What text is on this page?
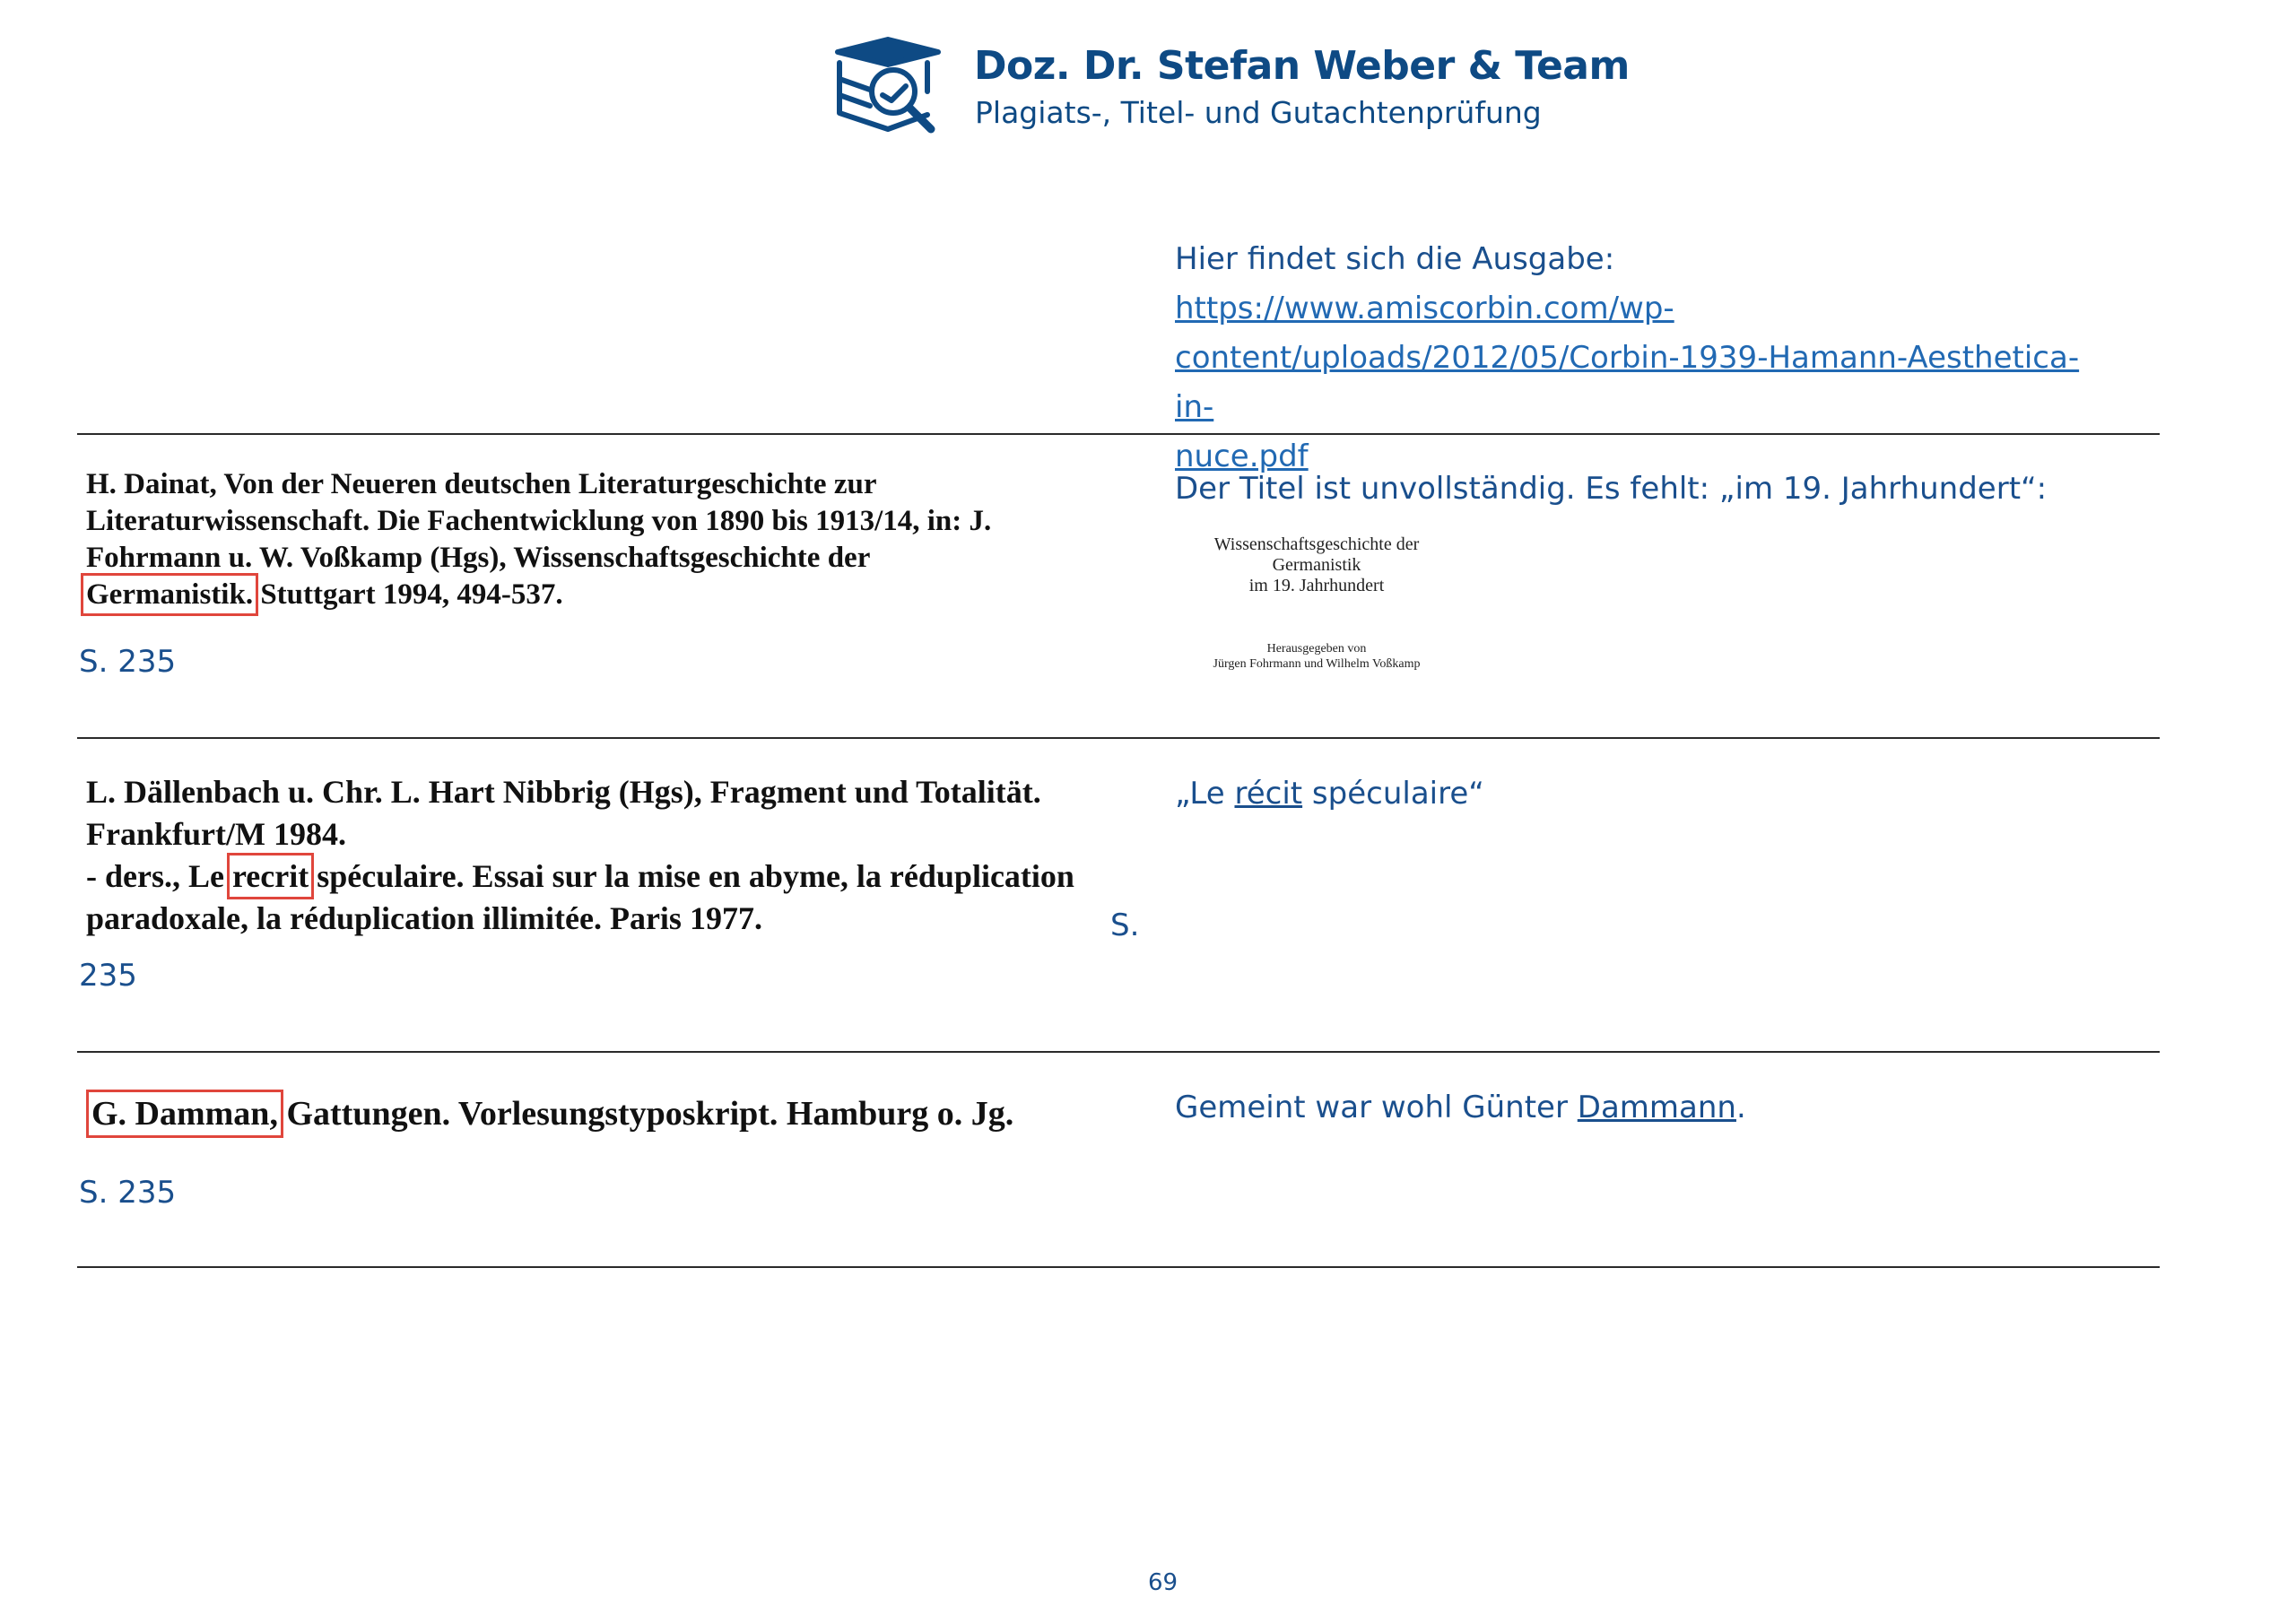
Doz. Dr. Stefan Weber & Team
Plagiats-, Titel- und Gutachtenprüfung
Hier findet sich die Ausgabe: https://www.amiscorbin.com/wp-
content/uploads/2012/05/Corbin-1939-Hamann-Aesthetica-in-
nuce.pdf
H. Dainat, Von der Neueren deutschen Literaturgeschichte zur
Literaturwissenschaft. Die Fachentwicklung von 1890 bis 1913/14, in: J.
Fohrmann u. W. Voßkamp (Hgs), Wissenschaftsgeschichte der
Germanistik. Stuttgart 1994, 494-537.
S. 235
Der Titel ist unvollständig. Es fehlt: „im 19. Jahrhundert“:
Wissenschaftsgeschichte der
Germanistik
im 19. Jahrhundert
Herausgegeben von
Jürgen Fohrmann und Wilhelm Voßkamp
L. Dällenbach u. Chr. L. Hart Nibbrig (Hgs), Fragment und Totalität.
Frankfurt/M 1984.
- ders., Le recrit spéculaire. Essai sur la mise en abyme, la réduplication
paradoxale, la réduplication illimitée. Paris 1977.	S.
235
„Le récit spéculaire“
G. Damman, Gattungen. Vorlesungstyposkript. Hamburg o. Jg.
S. 235
Gemeint war wohl Günter Dammann.
69
